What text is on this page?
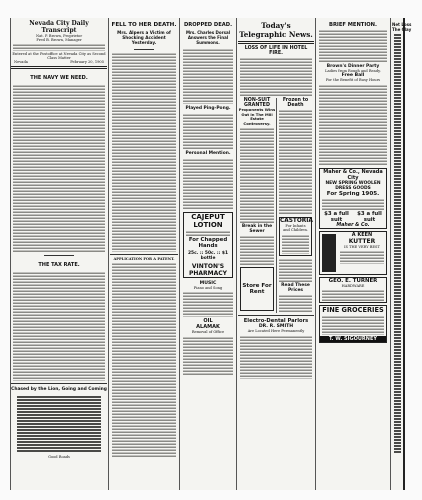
Nevada City Daily Transcript
Nat. P. Brown, Proprietor
Fred B. Brown, Manager
Entered at the Postoffice at Nevada City as Second Class Matter
Nevada	February 20, 1905
THE NAVY WE NEED.
THE TAX RATE.
Chased by the Lion, Going and Coming
Good Roads
FELL TO HER DEATH.
Mrs. Alpers a Victim of Shocking Accident Yesterday.
APPLICATION FOR A PATENT.
DROPPED DEAD.
Mrs. Charles Dorsal Answers the Final Summons.
Played Ping-Pong.
Personal Mention.
CAJEPUT
LOTION
For Chapped Hands
25c. :: 50c. :: $1 bottle
VINTON'S
PHARMACY
MUSIC
Piano and Song
OIL
ALAMAK
Removal of Office
Today's Telegraphic News.
LOSS OF LIFE IN HOTEL FIRE.
NON-SUIT GRANTED
Proponents Wins Out in The Mill Estate Controversy.
Break in the Sewer
Store For Rent
Frozen to Death
CASTORIA
For Infants and Children.
Read These Prices
Electro-Dental Parlors
DR. R. SMITH
Are Located Here Permanently
BRIEF MENTION.
Brown's Dinner Party
Ladies from Rough and Ready.
Free Ball
For the Benefit of Busy Hours
Maher & Co., Nevada City
NEW SPRING WOOLEN DRESS GOODS
For Spring 1905.
$3 a full suit
$3 a full suit
Maher & Co.
A KEEN
KUTTER
IS THE VERY BEST
GEO. E. TURNER
HARDWARE
FINE GROCERIES
T. W. SIGOURNEY
Net Loss
The Clay
